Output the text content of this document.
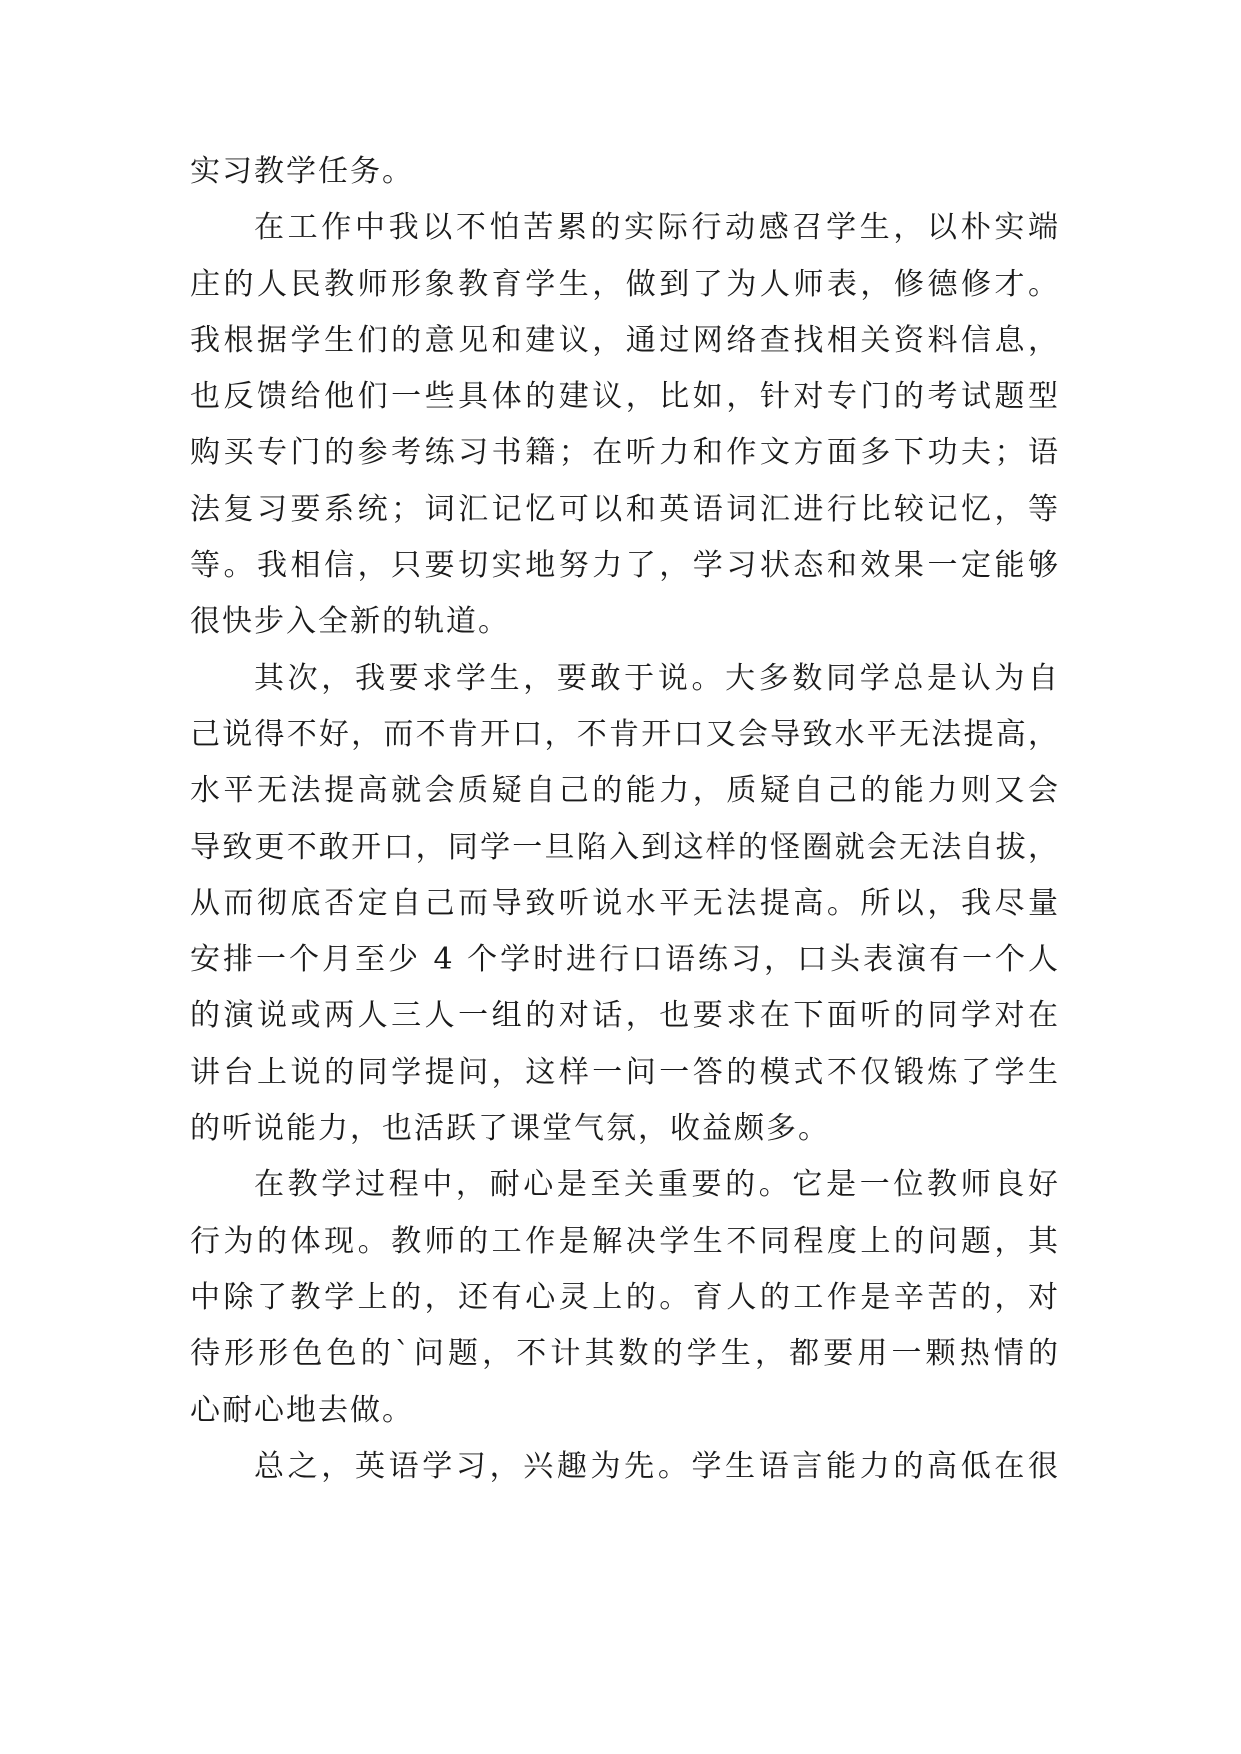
实习教学任务。
在工作中我以不怕苦累的实际行动感召学生，以朴实端
庄的人民教师形象教育学生，做到了为人师表，修德修才。
我根据学生们的意见和建议，通过网络查找相关资料信息，
也反馈给他们一些具体的建议，比如，针对专门的考试题型
购买专门的参考练习书籍；在听力和作文方面多下功夫；语
法复习要系统；词汇记忆可以和英语词汇进行比较记忆，等
等。我相信，只要切实地努力了，学习状态和效果一定能够
很快步入全新的轨道。
其次，我要求学生，要敢于说。大多数同学总是认为自
己说得不好，而不肯开口，不肯开口又会导致水平无法提高，
水平无法提高就会质疑自己的能力，质疑自己的能力则又会
导致更不敢开口，同学一旦陷入到这样的怪圈就会无法自拔，
从而彻底否定自己而导致听说水平无法提高。所以，我尽量
安排一个月至少 4 个学时进行口语练习，口头表演有一个人
的演说或两人三人一组的对话，也要求在下面听的同学对在
讲台上说的同学提问，这样一问一答的模式不仅锻炼了学生
的听说能力，也活跃了课堂气氛，收益颇多。
在教学过程中，耐心是至关重要的。它是一位教师良好
行为的体现。教师的工作是解决学生不同程度上的问题，其
中除了教学上的，还有心灵上的。育人的工作是辛苦的，对
待形形色色的`问题，不计其数的学生，都要用一颗热情的
心耐心地去做。
总之，英语学习，兴趣为先。学生语言能力的高低在很
